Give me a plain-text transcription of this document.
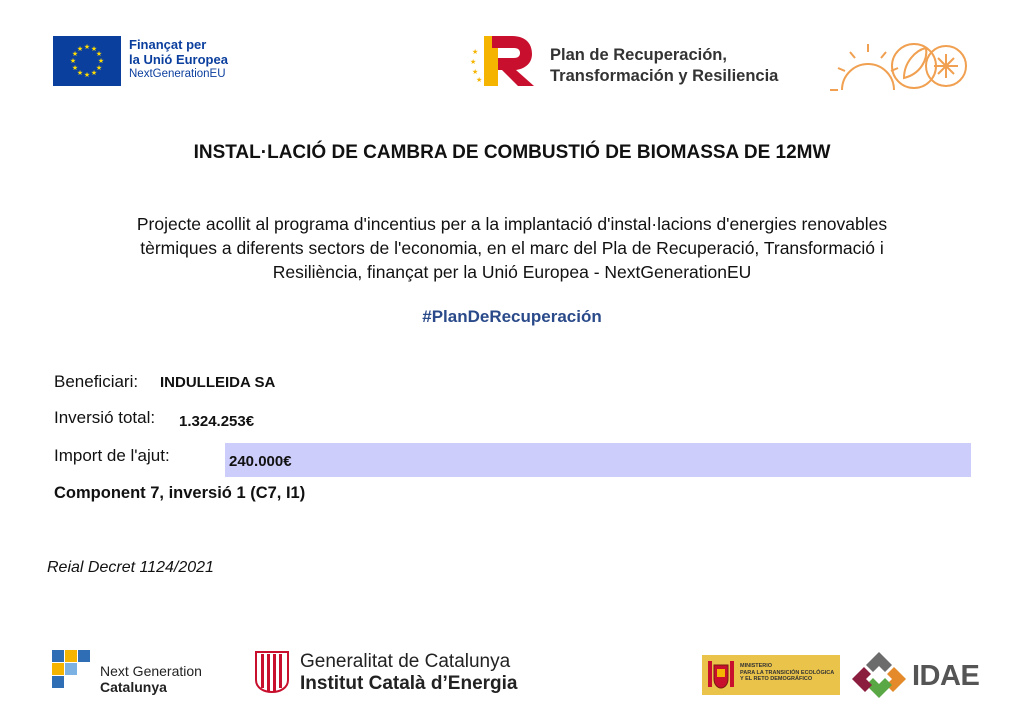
★ ★
★
★
★
★
★
★
★
★
★
★	Finançat per
la Unió Europea
NextGenerationEU
★
★
★
★
Plan de Recuperación,
Transformación y Resiliencia
INSTAL·LACIÓ DE CAMBRA DE COMBUSTIÓ DE BIOMASSA DE 12MW
Projecte acollit al programa d'incentius per a la implantació d'instal·lacions d'energies renovables tèrmiques a diferents sectors de l'economia, en el marc del Pla de Recuperació, Transformació i Resiliència, finançat per la Unió Europea - NextGenerationEU
#PlanDeRecuperación
Beneficiari: INDULLEIDA SA
Inversió total: 1.324.253€
Import de l'ajut:	240.000€
Component 7, inversió 1 (C7, I1)
Reial Decret 1124/2021
Next Generation
Catalunya
Generalitat de Catalunya
Institut Català d’Energia
MINISTERIO
PARA LA TRANSICIÓN ECOLÓGICA
Y EL RETO DEMOGRÁFICO	IDAE
